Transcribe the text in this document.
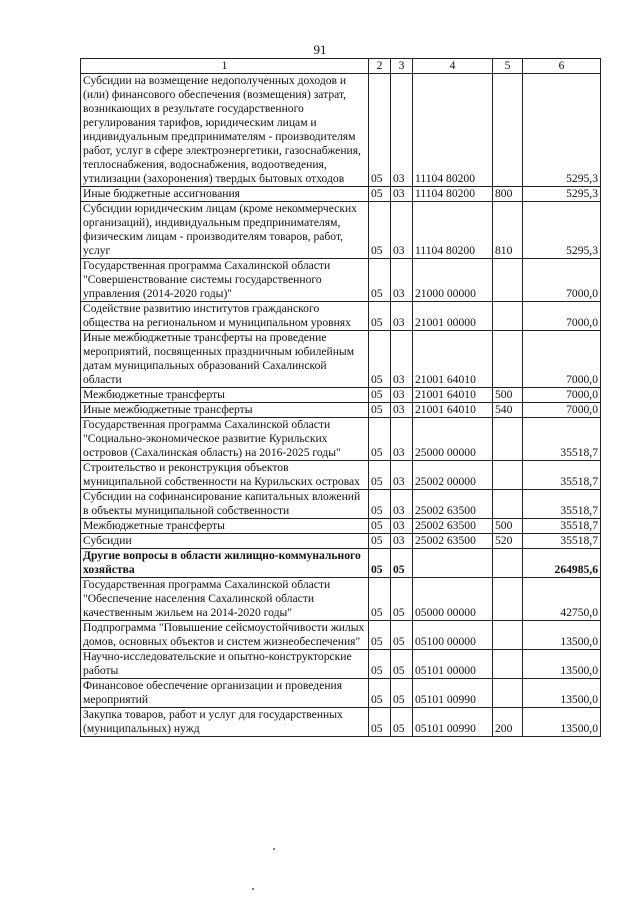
91
1	2	3	4	5	6
Субсидии на возмещение недополученных доходов и (или) финансового обеспечения (возмещения) затрат, возникающих в результате государственного регулирования тарифов, юридическим лицам и индивидуальным предпринимателям - производителям работ, услуг в сфере электроэнергетики, газоснабжения, теплоснабжения, водоснабжения, водоотведения, утилизации (захоронения) твердых бытовых отходов	05	03	11104 80200		5295,3
Иные бюджетные ассигнования	05	03	11104 80200	800	5295,3
Субсидии юридическим лицам (кроме некоммерческих организаций), индивидуальным предпринимателям, физическим лицам - производителям товаров, работ, услуг	05	03	11104 80200	810	5295,3
Государственная программа Сахалинской области "Совершенствование системы государственного управления (2014-2020 годы)"	05	03	21000 00000		7000,0
Содействие развитию институтов гражданского общества на региональном и муниципальном уровнях	05	03	21001 00000		7000,0
Иные межбюджетные трансферты на проведение мероприятий, посвященных праздничным юбилейным датам муниципальных образований Сахалинской области	05	03	21001 64010		7000,0
Межбюджетные трансферты	05	03	21001 64010	500	7000,0
Иные межбюджетные трансферты	05	03	21001 64010	540	7000,0
Государственная программа Сахалинской области "Социально-экономическое развитие Курильских островов (Сахалинская область) на 2016-2025 годы"	05	03	25000 00000		35518,7
Строительство и реконструкция объектов муниципальной собственности на Курильских островах	05	03	25002 00000		35518,7
Субсидии на софинансирование капитальных вложений в объекты муниципальной собственности	05	03	25002 63500		35518,7
Межбюджетные трансферты	05	03	25002 63500	500	35518,7
Субсидии	05	03	25002 63500	520	35518,7
Другие вопросы в области жилищно-коммунального хозяйства	05	05			264985,6
Государственная программа Сахалинской области "Обеспечение населения Сахалинской области качественным жильем на 2014-2020 годы"	05	05	05000 00000		42750,0
Подпрограмма "Повышение сейсмоустойчивости жилых домов, основных объектов и систем жизнеобеспечения"	05	05	05100 00000		13500,0
Научно-исследовательские и опытно-конструкторские работы	05	05	05101 00000		13500,0
Финансовое обеспечение организации и проведения мероприятий	05	05	05101 00990		13500,0
Закупка товаров, работ и услуг для государственных (муниципальных) нужд	05	05	05101 00990	200	13500,0
